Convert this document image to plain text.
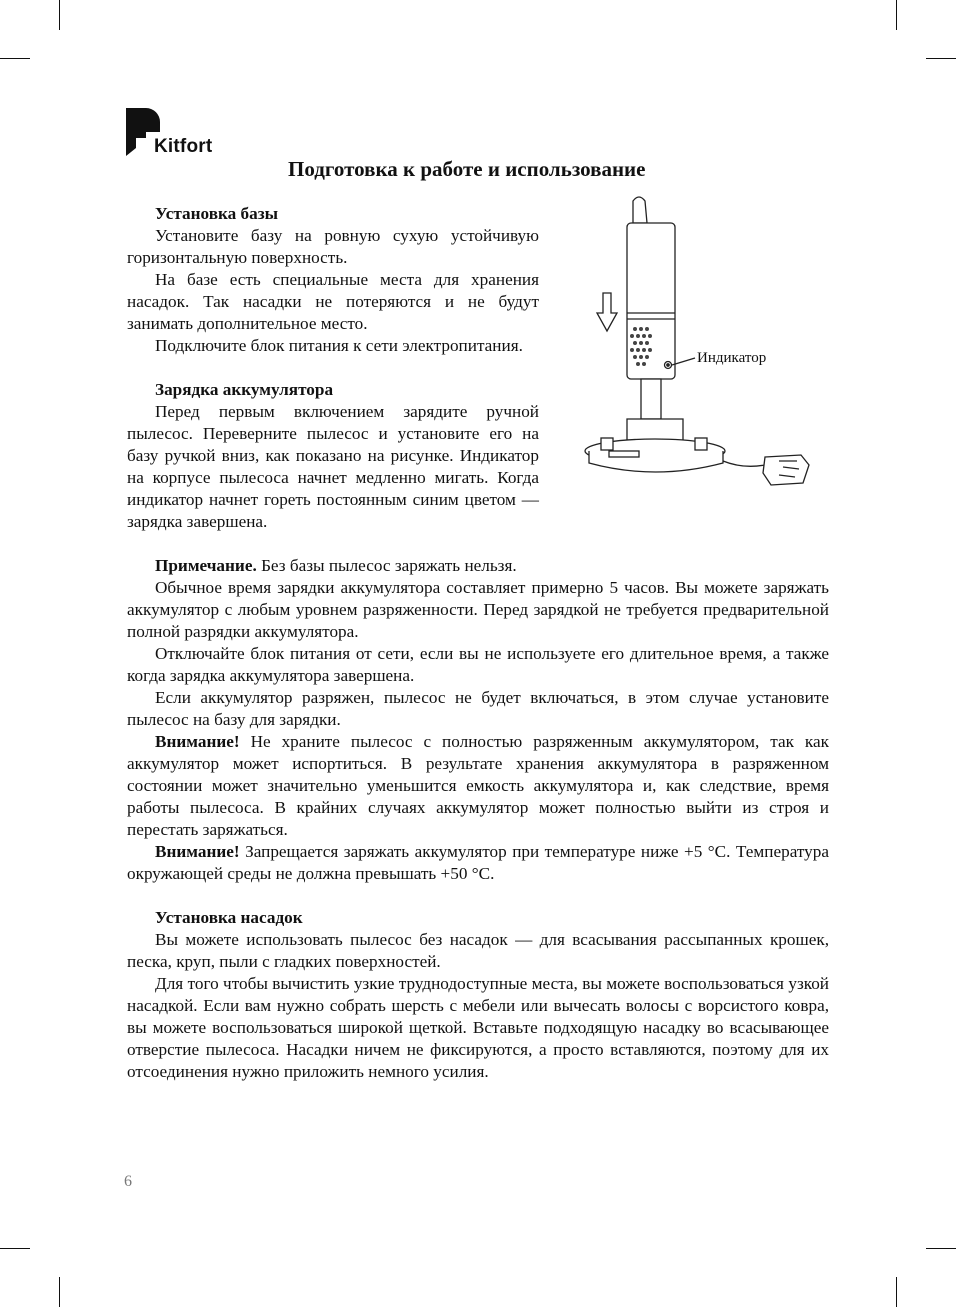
Kitfort
Подготовка к работе и использование
Установка базы

Установите базу на ровную сухую устойчивую горизонтальную поверхность.

На базе есть специальные места для хранения насадок. Так насадки не потеряются и не будут занимать дополнительное место.

Подключите блок питания к сети электропитания.

Зарядка аккумулятора

Перед первым включением зарядите ручной пылесос. Переверните пылесос и установите его на базу ручкой вниз, как показано на рисунке. Индикатор на корпусе пылесоса начнет медленно мигать. Когда индикатор начнет гореть постоянным синим цветом — зарядка завершена.

Примечание. Без базы пылесос заряжать нельзя.

Обычное время зарядки аккумулятора составляет примерно 5 часов. Вы можете заряжать аккумулятор с любым уровнем разряженности. Перед зарядкой не требуется предварительной полной разрядки аккумулятора.

Отключайте блок питания от сети, если вы не используете его длительное время, а также когда зарядка аккумулятора завершена.

Если аккумулятор разряжен, пылесос не будет включаться, в этом случае установите пылесос на базу для зарядки.

Внимание! Не храните пылесос с полностью разряженным аккумулятором, так как аккумулятор может испортиться. В результате хранения аккумулятора в разряженном состоянии может значительно уменьшится емкость аккумулятора и, как следствие, время работы пылесоса. В крайних случаях аккумулятор может полностью выйти из строя и перестать заряжаться.

Внимание! Запрещается заряжать аккумулятор при температуре ниже +5 °С. Температура окружающей среды не должна превышать +50 °С.

Установка насадок

Вы можете использовать пылесос без насадок — для всасывания рассыпанных крошек, песка, круп, пыли с гладких поверхностей.

Для того чтобы вычистить узкие труднодоступные места, вы можете воспользоваться узкой насадкой. Если вам нужно собрать шерсть с мебели или вычесать волосы с ворсистого ковра, вы можете воспользоваться широкой щеткой. Вставьте подходящую насадку во всасывающее отверстие пылесоса. Насадки ничем не фиксируются, а просто вставляются, поэтому для их отсоединения нужно приложить немного усилия.

Индикатор
6
